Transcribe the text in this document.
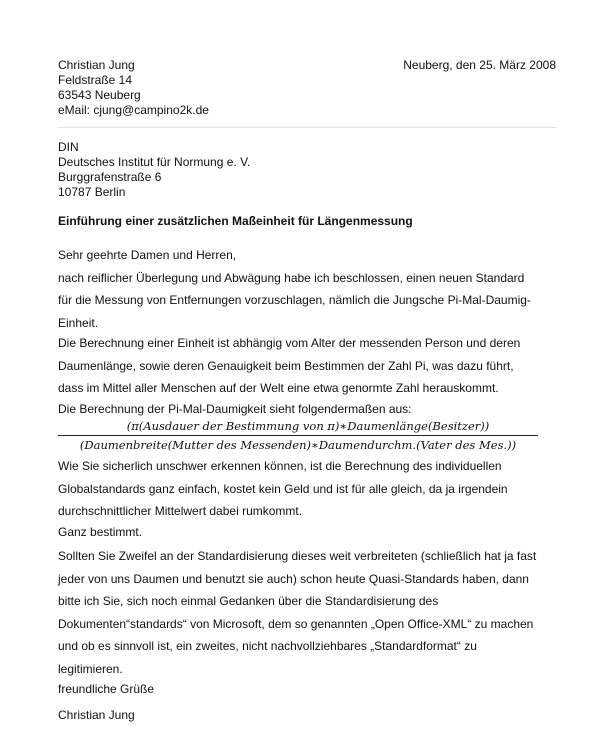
Christian Jung
Feldstraße 14
63543 Neuberg
eMail: cjung@campino2k.de
Neuberg, den 25. März 2008
DIN
Deutsches Institut für Normung e. V.
Burggrafenstraße 6
10787 Berlin
Einführung einer zusätzlichen Maßeinheit für Längenmessung
Sehr geehrte Damen und Herren,
nach reiflicher Überlegung und Abwägung habe ich beschlossen, einen neuen Standard
für die Messung von Entfernungen vorzuschlagen, nämlich die Jungsche Pi-Mal-Daumig-
Einheit.
Die Berechnung einer Einheit ist abhängig vom Alter der messenden Person und deren
Daumenlänge, sowie deren Genauigkeit beim Bestimmen der Zahl Pi, was dazu führt,
dass im Mittel aller Menschen auf der Welt eine etwa genormte Zahl herauskommt.
Die Berechnung der Pi-Mal-Daumigkeit sieht folgendermaßen aus:
(π(Ausdauer der Bestimmung von π)∗Daumenlänge(Besitzer))
(Daumenbreite(Mutter des Messenden)∗Daumendurchm.(Vater des Mes.))
Wie Sie sicherlich unschwer erkennen können, ist die Berechnung des individuellen
Globalstandards ganz einfach, kostet kein Geld und ist für alle gleich, da ja irgendein
durchschnittlicher Mittelwert dabei rumkommt.
Ganz bestimmt.
Sollten Sie Zweifel an der Standardisierung dieses weit verbreiteten (schließlich hat ja fast
jeder von uns Daumen und benutzt sie auch) schon heute Quasi-Standards haben, dann
bitte ich Sie, sich noch einmal Gedanken über die Standardisierung des
Dokumenten“standards“ von Microsoft, dem so genannten „Open Office-XML“ zu machen
und ob es sinnvoll ist, ein zweites, nicht nachvollziehbares „Standardformat“ zu
legitimieren.
freundliche Grüße
Christian Jung
